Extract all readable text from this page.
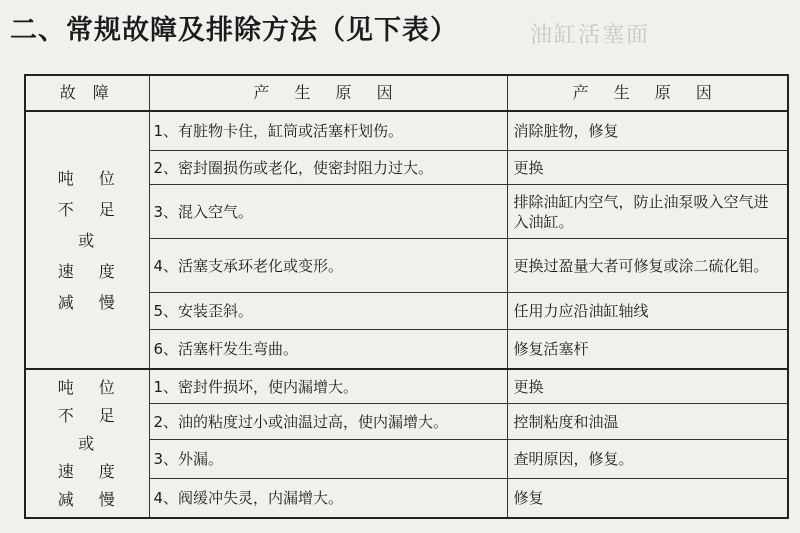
二、常规故障及排除方法（见下表）	油缸活塞面
故 障	产 生 原 因	产 生 原 因

吨 位
不 足
或
速 度
减 慢	1、有脏物卡住，缸筒或活塞杆划伤。	消除脏物，修复
	2、密封圈损伤或老化，使密封阻力过大。	更换
	3、混入空气。	排除油缸内空气，防止油泵吸入空气进入油缸。
	4、活塞支承环老化或变形。	更换过盈量大者可修复或涂二硫化钼。
	5、安装歪斜。	任用力应沿油缸轴线
	6、活塞杆发生弯曲。	修复活塞杆

吨 位
不 足
或
速 度
减 慢	1、密封件损坏，使内漏增大。	更换
	2、油的粘度过小或油温过高，使内漏增大。	控制粘度和油温
	3、外漏。	查明原因，修复。
	4、阀缓冲失灵，内漏增大。	修复
